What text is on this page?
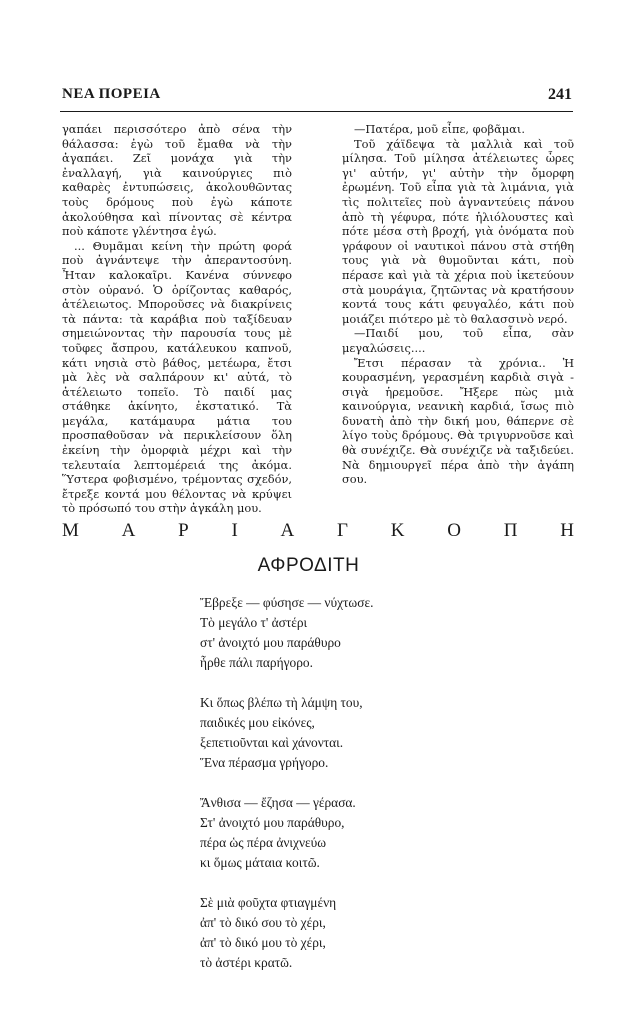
ΝΕΑ ΠΟΡΕΙΑ	241

γαπάει περισσότερο ἀπὸ σένα τὴν θάλασσα: ἐγὼ τοῦ ἔμαθα νὰ τὴν ἀγαπάει. Ζεῖ μονάχα γιὰ τὴν ἐναλλαγή, γιὰ καινούργιες πιὸ καθαρὲς ἐντυπώσεις, ἀκολουθῶντας τοὺς δρόμους ποὺ ἐγὼ κάποτε ἀκολούθησα καὶ πίνοντας σὲ κέντρα ποὺ κάποτε γλέντησα ἐγώ.

... Θυμᾶμαι κείνη τὴν πρώτη φορά ποὺ ἀγνάντεψε τὴν ἀπεραντοσύνη. Ἦταν καλοκαῖρι. Κανένα σύννεφο στὸν οὐρανό. Ὁ ὁρίζοντας καθαρός, ἀτέλειωτος. Μποροῦσες νὰ διακρίνεις τὰ πάντα: τὰ καράβια ποὺ ταξίδευαν σημειώνοντας τὴν παρουσία τους μὲ τοῦφες ἄσπρου, κατάλευκου καπνοῦ, κάτι νησιὰ στὸ βάθος, μετέωρα, ἔτσι μὰ λὲς νὰ σαλπάρουν κι' αὐτά, τὸ ἀτέλειωτο τοπεῖο. Τὸ παιδί μας στάθηκε ἀκίνητο, ἐκστατικό. Τὰ μεγάλα, κατάμαυρα μάτια του προσπαθοῦσαν νὰ περικλείσουν ὅλη ἐκείνη τὴν ὀμορφιὰ μέχρι καὶ τὴν τελευταία λεπτομέρειά της ἀκόμα. Ὕστερα φοβισμένο, τρέμοντας σχεδόν, ἔτρεξε κοντά μου θέλοντας νὰ κρύψει τὸ πρόσωπό του στὴν ἀγκάλη μου.

—Πατέρα, μοῦ εἶπε, φοβᾶμαι.

Τοῦ χάϊδεψα τὰ μαλλιὰ καὶ τοῦ μίλησα. Τοῦ μίλησα ἀτέλειωτες ὧρες γι' αὐτήν, γι' αὐτὴν τὴν ὄμορφη ἐρωμένη. Τοῦ εἶπα γιὰ τὰ λιμάνια, γιὰ τὶς πολιτεῖες ποὺ ἀγναντεύεις πάνου ἀπὸ τὴ γέφυρα, πότε ἡλιόλουστες καὶ πότε μέσα στὴ βροχή, γιὰ ὀνόματα ποὺ γράφουν οἱ ναυτικοὶ πάνου στὰ στήθη τους γιὰ νὰ θυμοῦνται κάτι, ποὺ πέρασε καὶ γιὰ τὰ χέρια ποὺ ἱκετεύουν στὰ μουράγια, ζητῶντας νὰ κρατήσουν κοντά τους κάτι φευγαλέο, κάτι ποὺ μοιάζει πιότερο μὲ τὸ θαλασσινὸ νερό.

—Παιδί μου, τοῦ εἶπα, σὰν μεγαλώσεις....

Ἔτσι πέρασαν τὰ χρόνια.. Ἡ κουρασμένη, γερασμένη καρδιὰ σιγὰ - σιγὰ ἡρεμοῦσε. Ἤξερε πὼς μιὰ καινούργια, νεανικὴ καρδιά, ἴσως πιὸ δυνατὴ ἀπὸ τὴν δική μου, θάπερνε σὲ λίγο τοὺς δρόμους. Θὰ τριγυρνοῦσε καὶ θὰ συνέχιζε. Θὰ συνέχιζε νὰ ταξιδεύει. Νὰ δημιουργεῖ πέρα ἀπὸ τὴν ἀγάπη σου.

Μ Α Ρ Ι Α Γ Κ Ο Π Η
ΑΦΡΟΔΙΤΗ
Ἔβρεξε — φύσησε — νύχτωσε.
Τὸ μεγάλο τ' ἀστέρι
στ' ἀνοιχτό μου παράθυρο
ἦρθε πάλι παρήγορο.
Κι ὅπως βλέπω τὴ λάμψη του,
παιδικές μου εἰκόνες,
ξεπετιοῦνται καὶ χάνονται.
Ἕνα πέρασμα γρήγορο.
Ἄνθισα — ἔζησα — γέρασα.
Στ' ἀνοιχτό μου παράθυρο,
πέρα ὡς πέρα ἀνιχνεύω
κι ὅμως μάταια κοιτῶ.
Σὲ μιὰ φοῦχτα φτιαγμένη
ἀπ' τὸ δικό σου τὸ χέρι,
ἀπ' τὸ δικό μου τὸ χέρι,
τὸ ἀστέρι κρατῶ.
